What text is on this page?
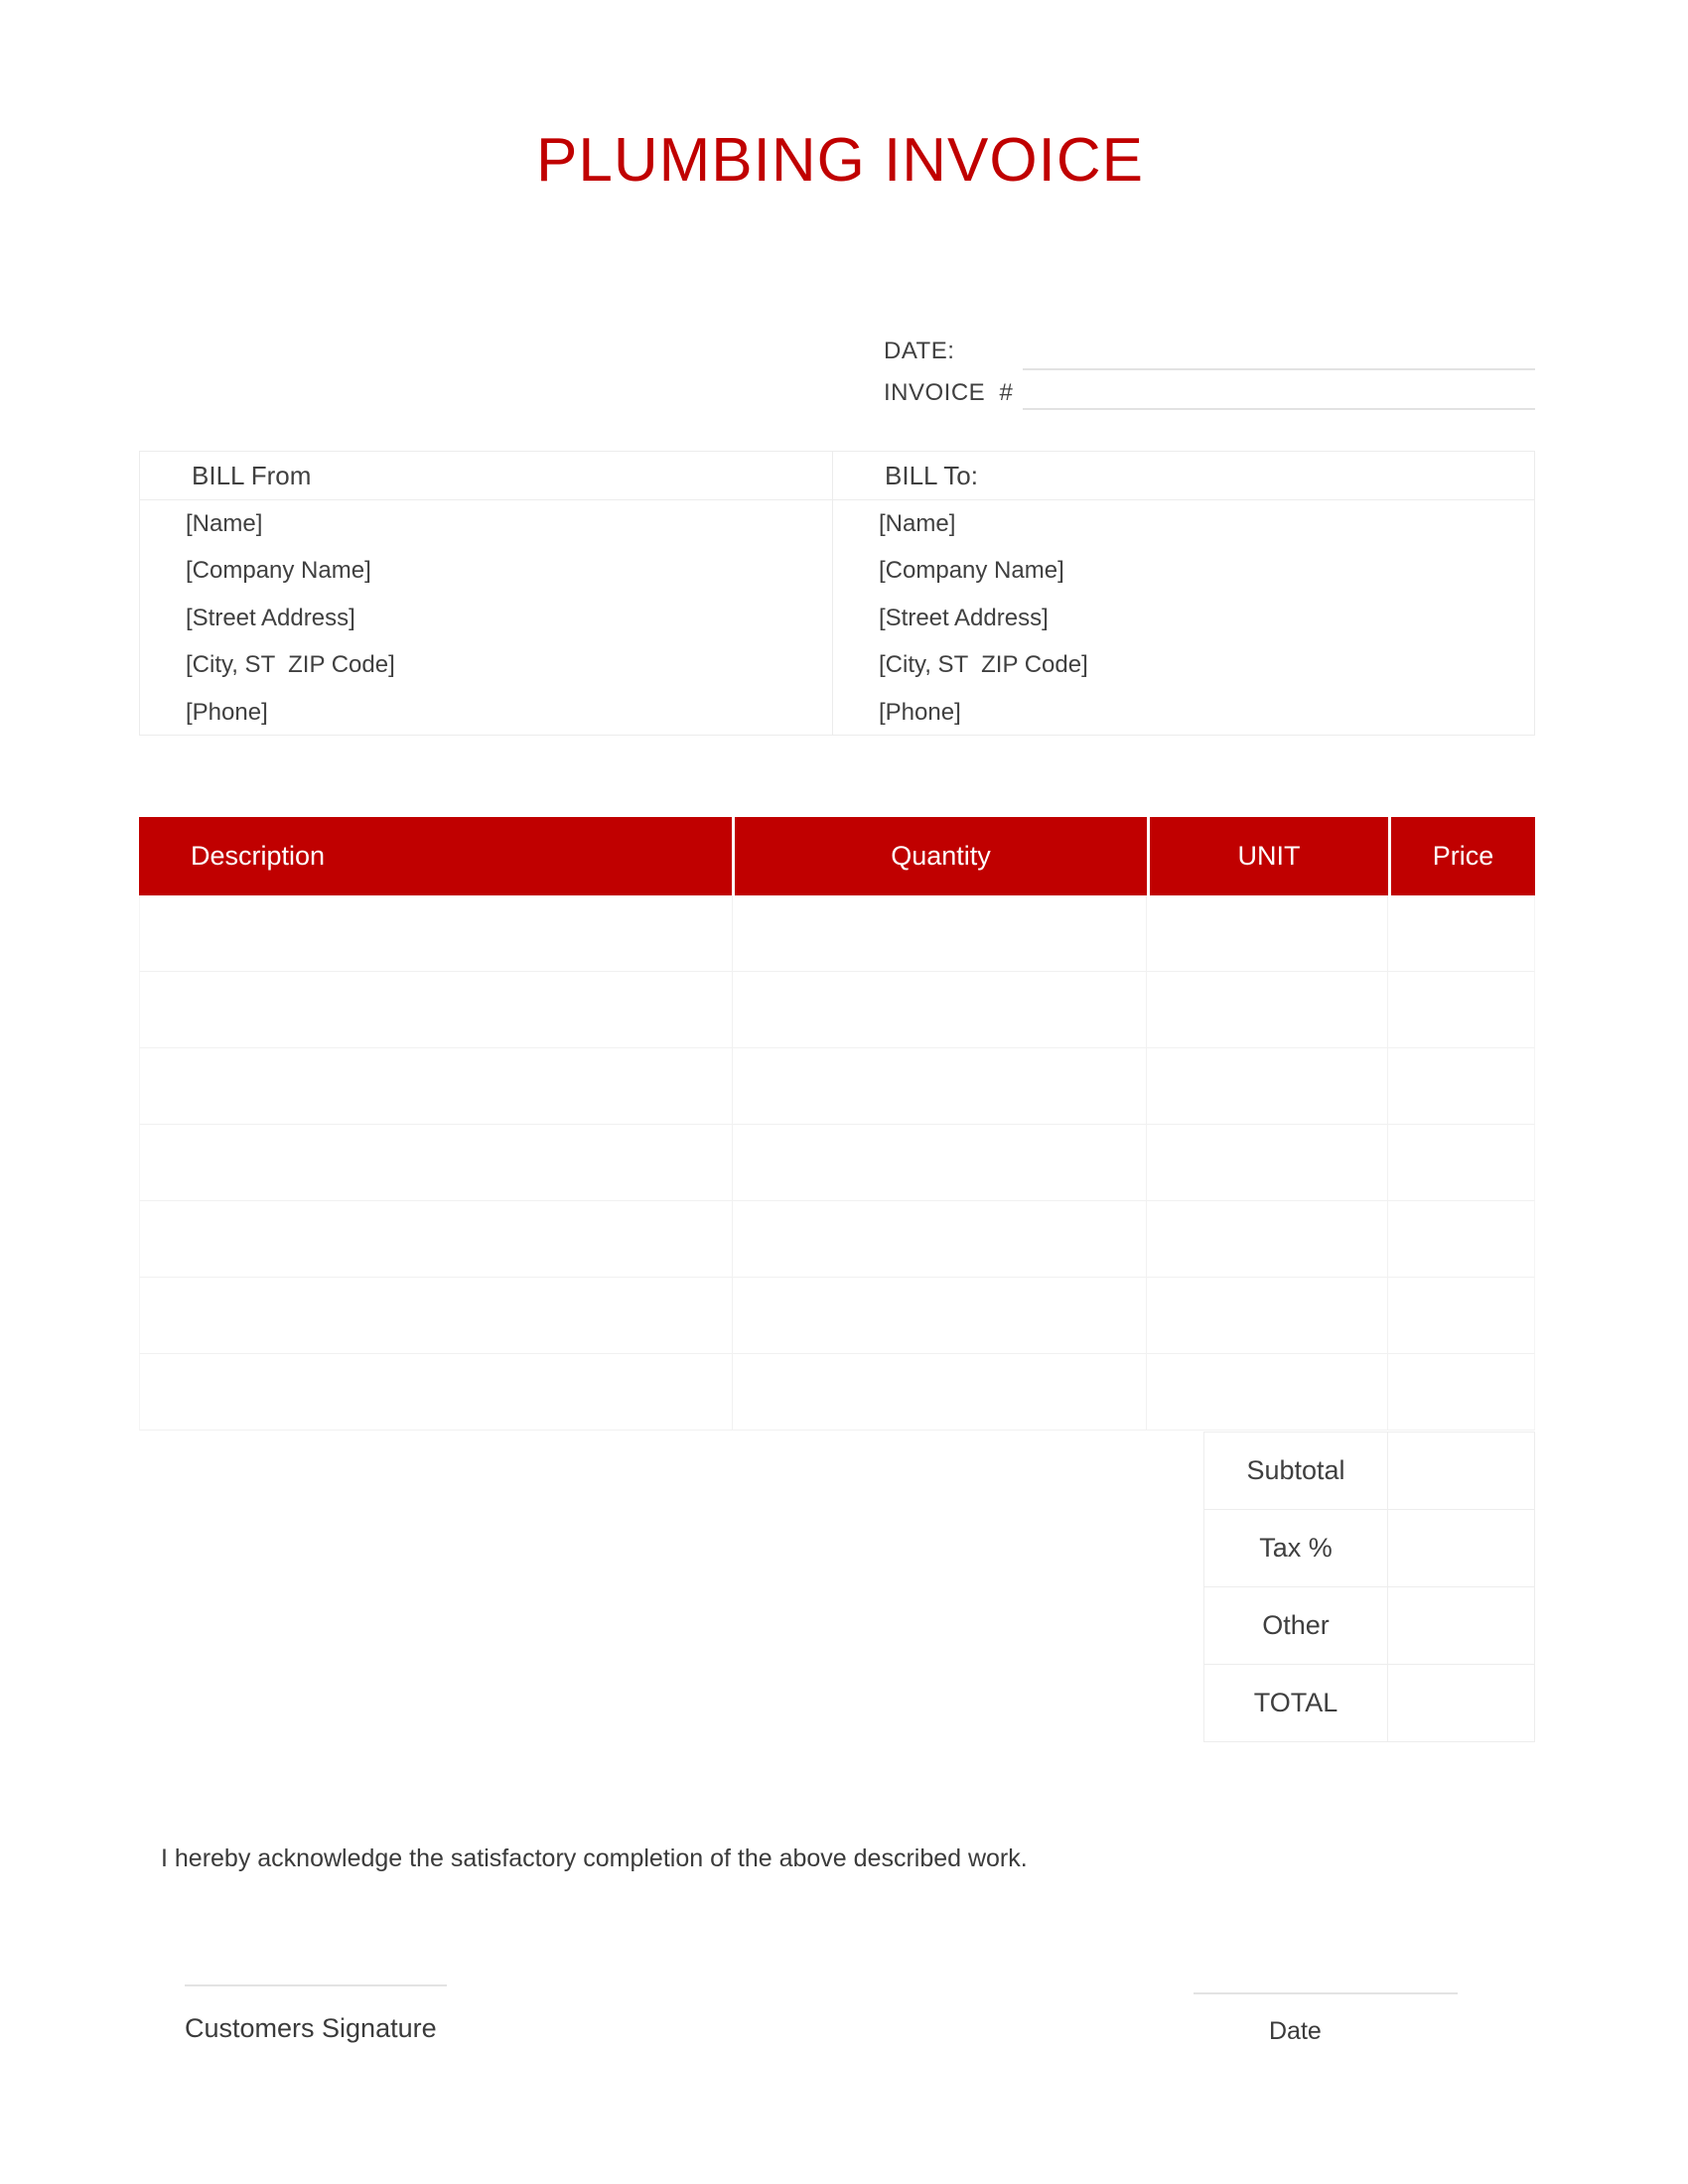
PLUMBING INVOICE
DATE:
INVOICE  #
BILL From
[Name]
[Company Name]
[Street Address]
[City, ST  ZIP Code]
[Phone]
BILL To:
[Name]
[Company Name]
[Street Address]
[City, ST  ZIP Code]
[Phone]
Description	Quantity	UNIT	Price
Subtotal
Tax %
Other
TOTAL
I hereby acknowledge the satisfactory completion of the above described work.
Customers Signature	Date
